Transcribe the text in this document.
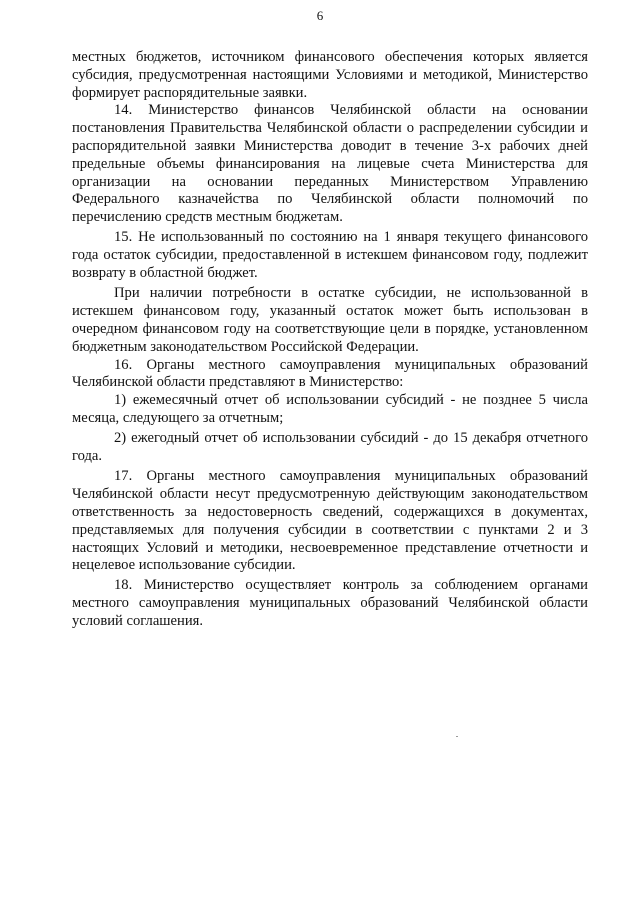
6

местных бюджетов, источником финансового обеспечения которых является субсидия, предусмотренная настоящими Условиями и методикой, Министерство формирует распорядительные заявки.

14. Министерство финансов Челябинской области на основании постановления Правительства Челябинской области о распределении субсидии и распорядительной заявки Министерства доводит в течение 3-х рабочих дней предельные объемы финансирования на лицевые счета Министерства для организации на основании переданных Министерством Управлению Федерального казначейства по Челябинской области полномочий по перечислению средств местным бюджетам.

15. Не использованный по состоянию на 1 января текущего финансового года остаток субсидии, предоставленной в истекшем финансовом году, подлежит возврату в областной бюджет.

При наличии потребности в остатке субсидии, не использованной в истекшем финансовом году, указанный остаток может быть использован в очередном финансовом году на соответствующие цели в порядке, установленном бюджетным законодательством Российской Федерации.

16. Органы местного самоуправления муниципальных образований Челябинской области представляют в Министерство:

1) ежемесячный отчет об использовании субсидий - не позднее 5 числа месяца, следующего за отчетным;

2) ежегодный отчет об использовании субсидий - до 15 декабря отчетного года.

17. Органы местного самоуправления муниципальных образований Челябинской области несут предусмотренную действующим законодательством ответственность за недостоверность сведений, содержащихся в документах, представляемых для получения субсидии в соответствии с пунктами 2 и 3 настоящих Условий и методики, несвоевременное представление отчетности и нецелевое использование субсидии.

18. Министерство осуществляет контроль за соблюдением органами местного самоуправления муниципальных образований Челябинской области условий соглашения.
